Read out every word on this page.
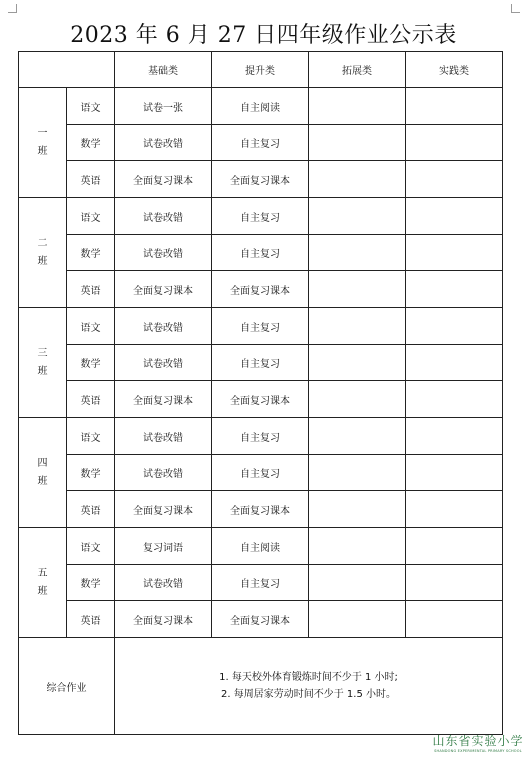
2023 年 6 月 27 日四年级作业公示表
		基础类	提升类	拓展类	实践类

一
班	语文	试卷一张	自主阅读		
	数学	试卷改错	自主复习		
	英语	全面复习课本	全面复习课本		

二
班	语文	试卷改错	自主复习		
	数学	试卷改错	自主复习		
	英语	全面复习课本	全面复习课本		

三
班	语文	试卷改错	自主复习		
	数学	试卷改错	自主复习		
	英语	全面复习课本	全面复习课本		

四
班	语文	试卷改错	自主复习		
	数学	试卷改错	自主复习		
	英语	全面复习课本	全面复习课本		

五
班	语文	复习词语	自主阅读		
	数学	试卷改错	自主复习		
	英语	全面复习课本	全面复习课本		
综合作业		1. 每天校外体育锻炼时间不少于 1 小时;
2. 每周居家劳动时间不少于 1.5 小时。			
山东省实验小学
SHANDONG EXPERIMENTAL PRIMARY SCHOOL
